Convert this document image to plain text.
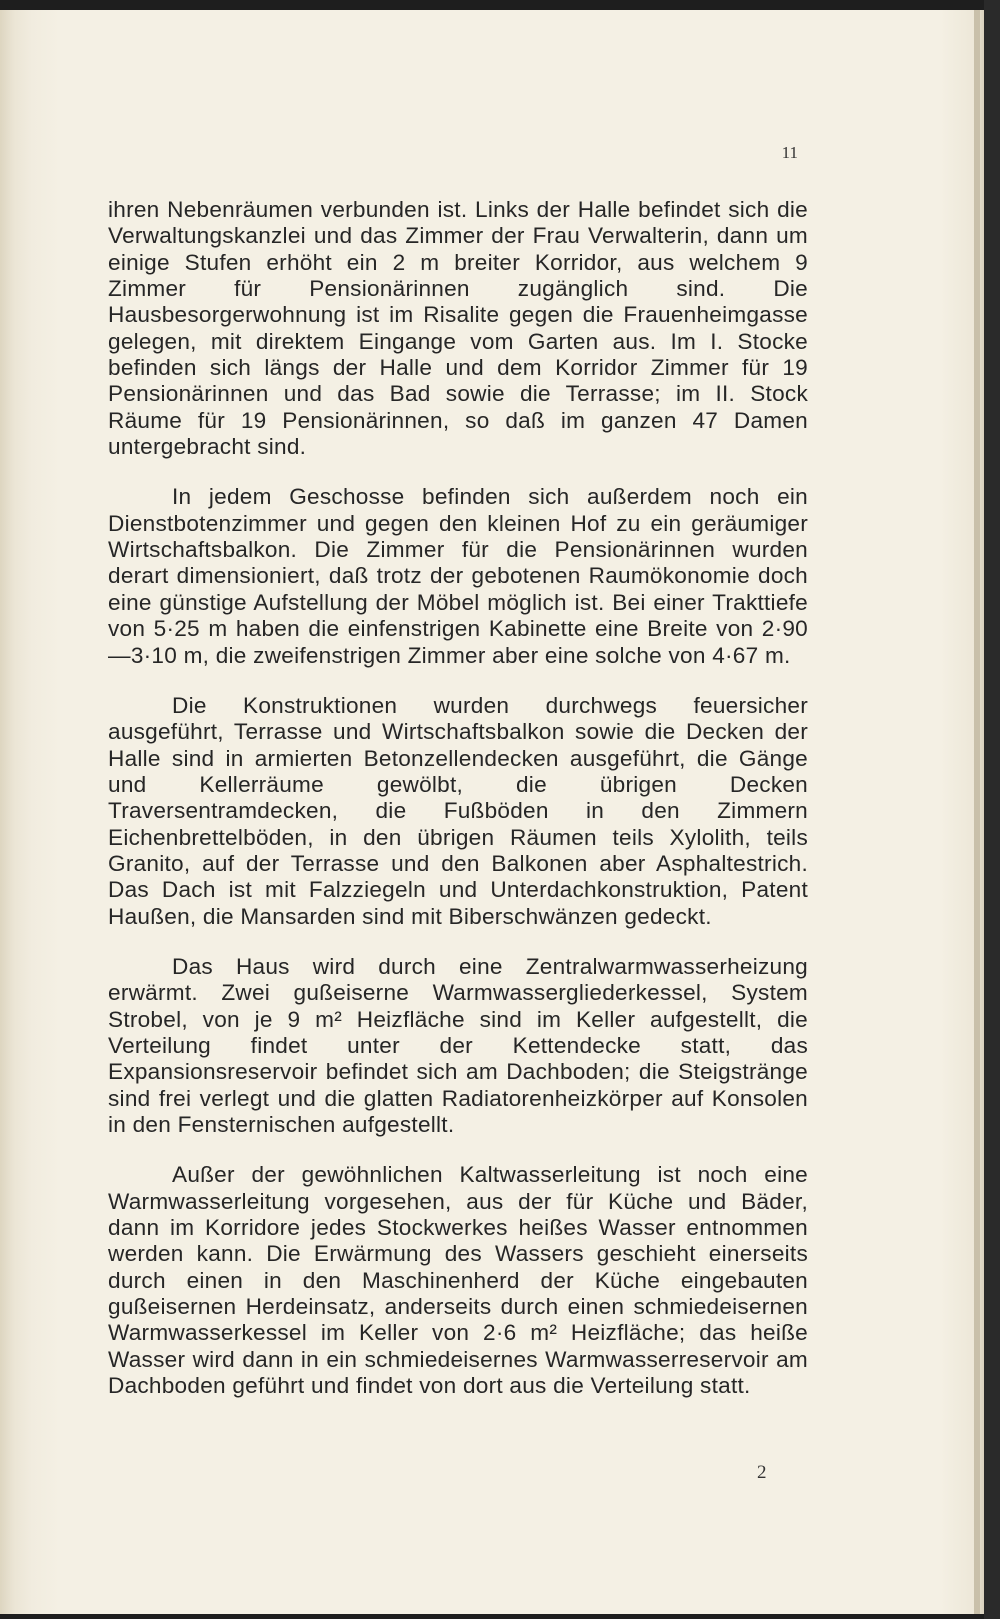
11

ihren Nebenräumen verbunden ist. Links der Halle befindet sich die Verwaltungskanzlei und das Zimmer der Frau Verwalterin, dann um einige Stufen erhöht ein 2 m breiter Korridor, aus welchem 9 Zimmer für Pensionärinnen zugänglich sind. Die Hausbesorgerwohnung ist im Risalite gegen die Frauenheimgasse gelegen, mit direktem Eingange vom Garten aus. Im I. Stocke befinden sich längs der Halle und dem Korridor Zimmer für 19 Pensionärinnen und das Bad sowie die Terrasse; im II. Stock Räume für 19 Pensionärinnen, so daß im ganzen 47 Damen untergebracht sind.

In jedem Geschosse befinden sich außerdem noch ein Dienstbotenzimmer und gegen den kleinen Hof zu ein geräumiger Wirtschaftsbalkon. Die Zimmer für die Pensionärinnen wurden derart dimensioniert, daß trotz der gebotenen Raumökonomie doch eine günstige Aufstellung der Möbel möglich ist. Bei einer Trakttiefe von 5·25 m haben die einfenstrigen Kabinette eine Breite von 2·90—3·10 m, die zweifenstrigen Zimmer aber eine solche von 4·67 m.

Die Konstruktionen wurden durchwegs feuersicher ausgeführt, Terrasse und Wirtschaftsbalkon sowie die Decken der Halle sind in armierten Betonzellendecken ausgeführt, die Gänge und Kellerräume gewölbt, die übrigen Decken Traversentramdecken, die Fußböden in den Zimmern Eichenbrettelböden, in den übrigen Räumen teils Xylolith, teils Granito, auf der Terrasse und den Balkonen aber Asphaltestrich. Das Dach ist mit Falzziegeln und Unterdachkonstruktion, Patent Haußen, die Mansarden sind mit Biberschwänzen gedeckt.

Das Haus wird durch eine Zentralwarmwasserheizung erwärmt. Zwei gußeiserne Warmwassergliederkessel, System Strobel, von je 9 m² Heizfläche sind im Keller aufgestellt, die Verteilung findet unter der Kettendecke statt, das Expansionsreservoir befindet sich am Dachboden; die Steigstränge sind frei verlegt und die glatten Radiatorenheizkörper auf Konsolen in den Fensternischen aufgestellt.

Außer der gewöhnlichen Kaltwasserleitung ist noch eine Warmwasserleitung vorgesehen, aus der für Küche und Bäder, dann im Korridore jedes Stockwerkes heißes Wasser entnommen werden kann. Die Erwärmung des Wassers geschieht einerseits durch einen in den Maschinenherd der Küche eingebauten gußeisernen Herdeinsatz, anderseits durch einen schmiedeisernen Warmwasserkessel im Keller von 2·6 m² Heizfläche; das heiße Wasser wird dann in ein schmiedeisernes Warmwasserreservoir am Dachboden geführt und findet von dort aus die Verteilung statt.

2
